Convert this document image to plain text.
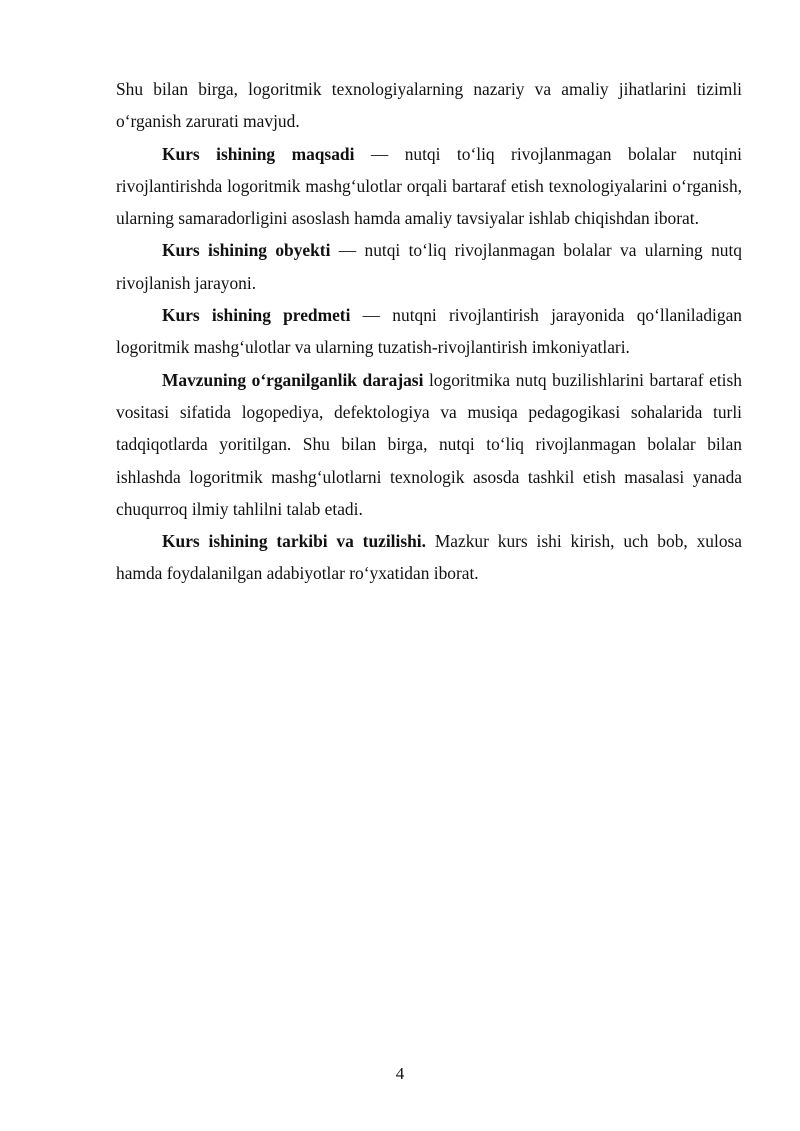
Shu bilan birga, logoritmik texnologiyalarning nazariy va amaliy jihatlarini tizimli o‘rganish zarurati mavjud.

Kurs ishining maqsadi — nutqi to‘liq rivojlanmagan bolalar nutqini rivojlantirishda logoritmik mashg‘ulotlar orqali bartaraf etish texnologiyalarini o‘rganish, ularning samaradorligini asoslash hamda amaliy tavsiyalar ishlab chiqishdan iborat.

Kurs ishining obyekti — nutqi to‘liq rivojlanmagan bolalar va ularning nutq rivojlanish jarayoni.

Kurs ishining predmeti — nutqni rivojlantirish jarayonida qo‘llaniladigan logoritmik mashg‘ulotlar va ularning tuzatish-rivojlantirish imkoniyatlari.

Mavzuning o‘rganilganlik darajasi logoritmika nutq buzilishlarini bartaraf etish vositasi sifatida logopediya, defektologiya va musiqa pedagogikasi sohalarida turli tadqiqotlarda yoritilgan. Shu bilan birga, nutqi to‘liq rivojlanmagan bolalar bilan ishlashda logoritmik mashg‘ulotlarni texnologik asosda tashkil etish masalasi yanada chuqurroq ilmiy tahlilni talab etadi.

Kurs ishining tarkibi va tuzilishi. Mazkur kurs ishi kirish, uch bob, xulosa hamda foydalanilgan adabiyotlar ro‘yxatidan iborat.

4
